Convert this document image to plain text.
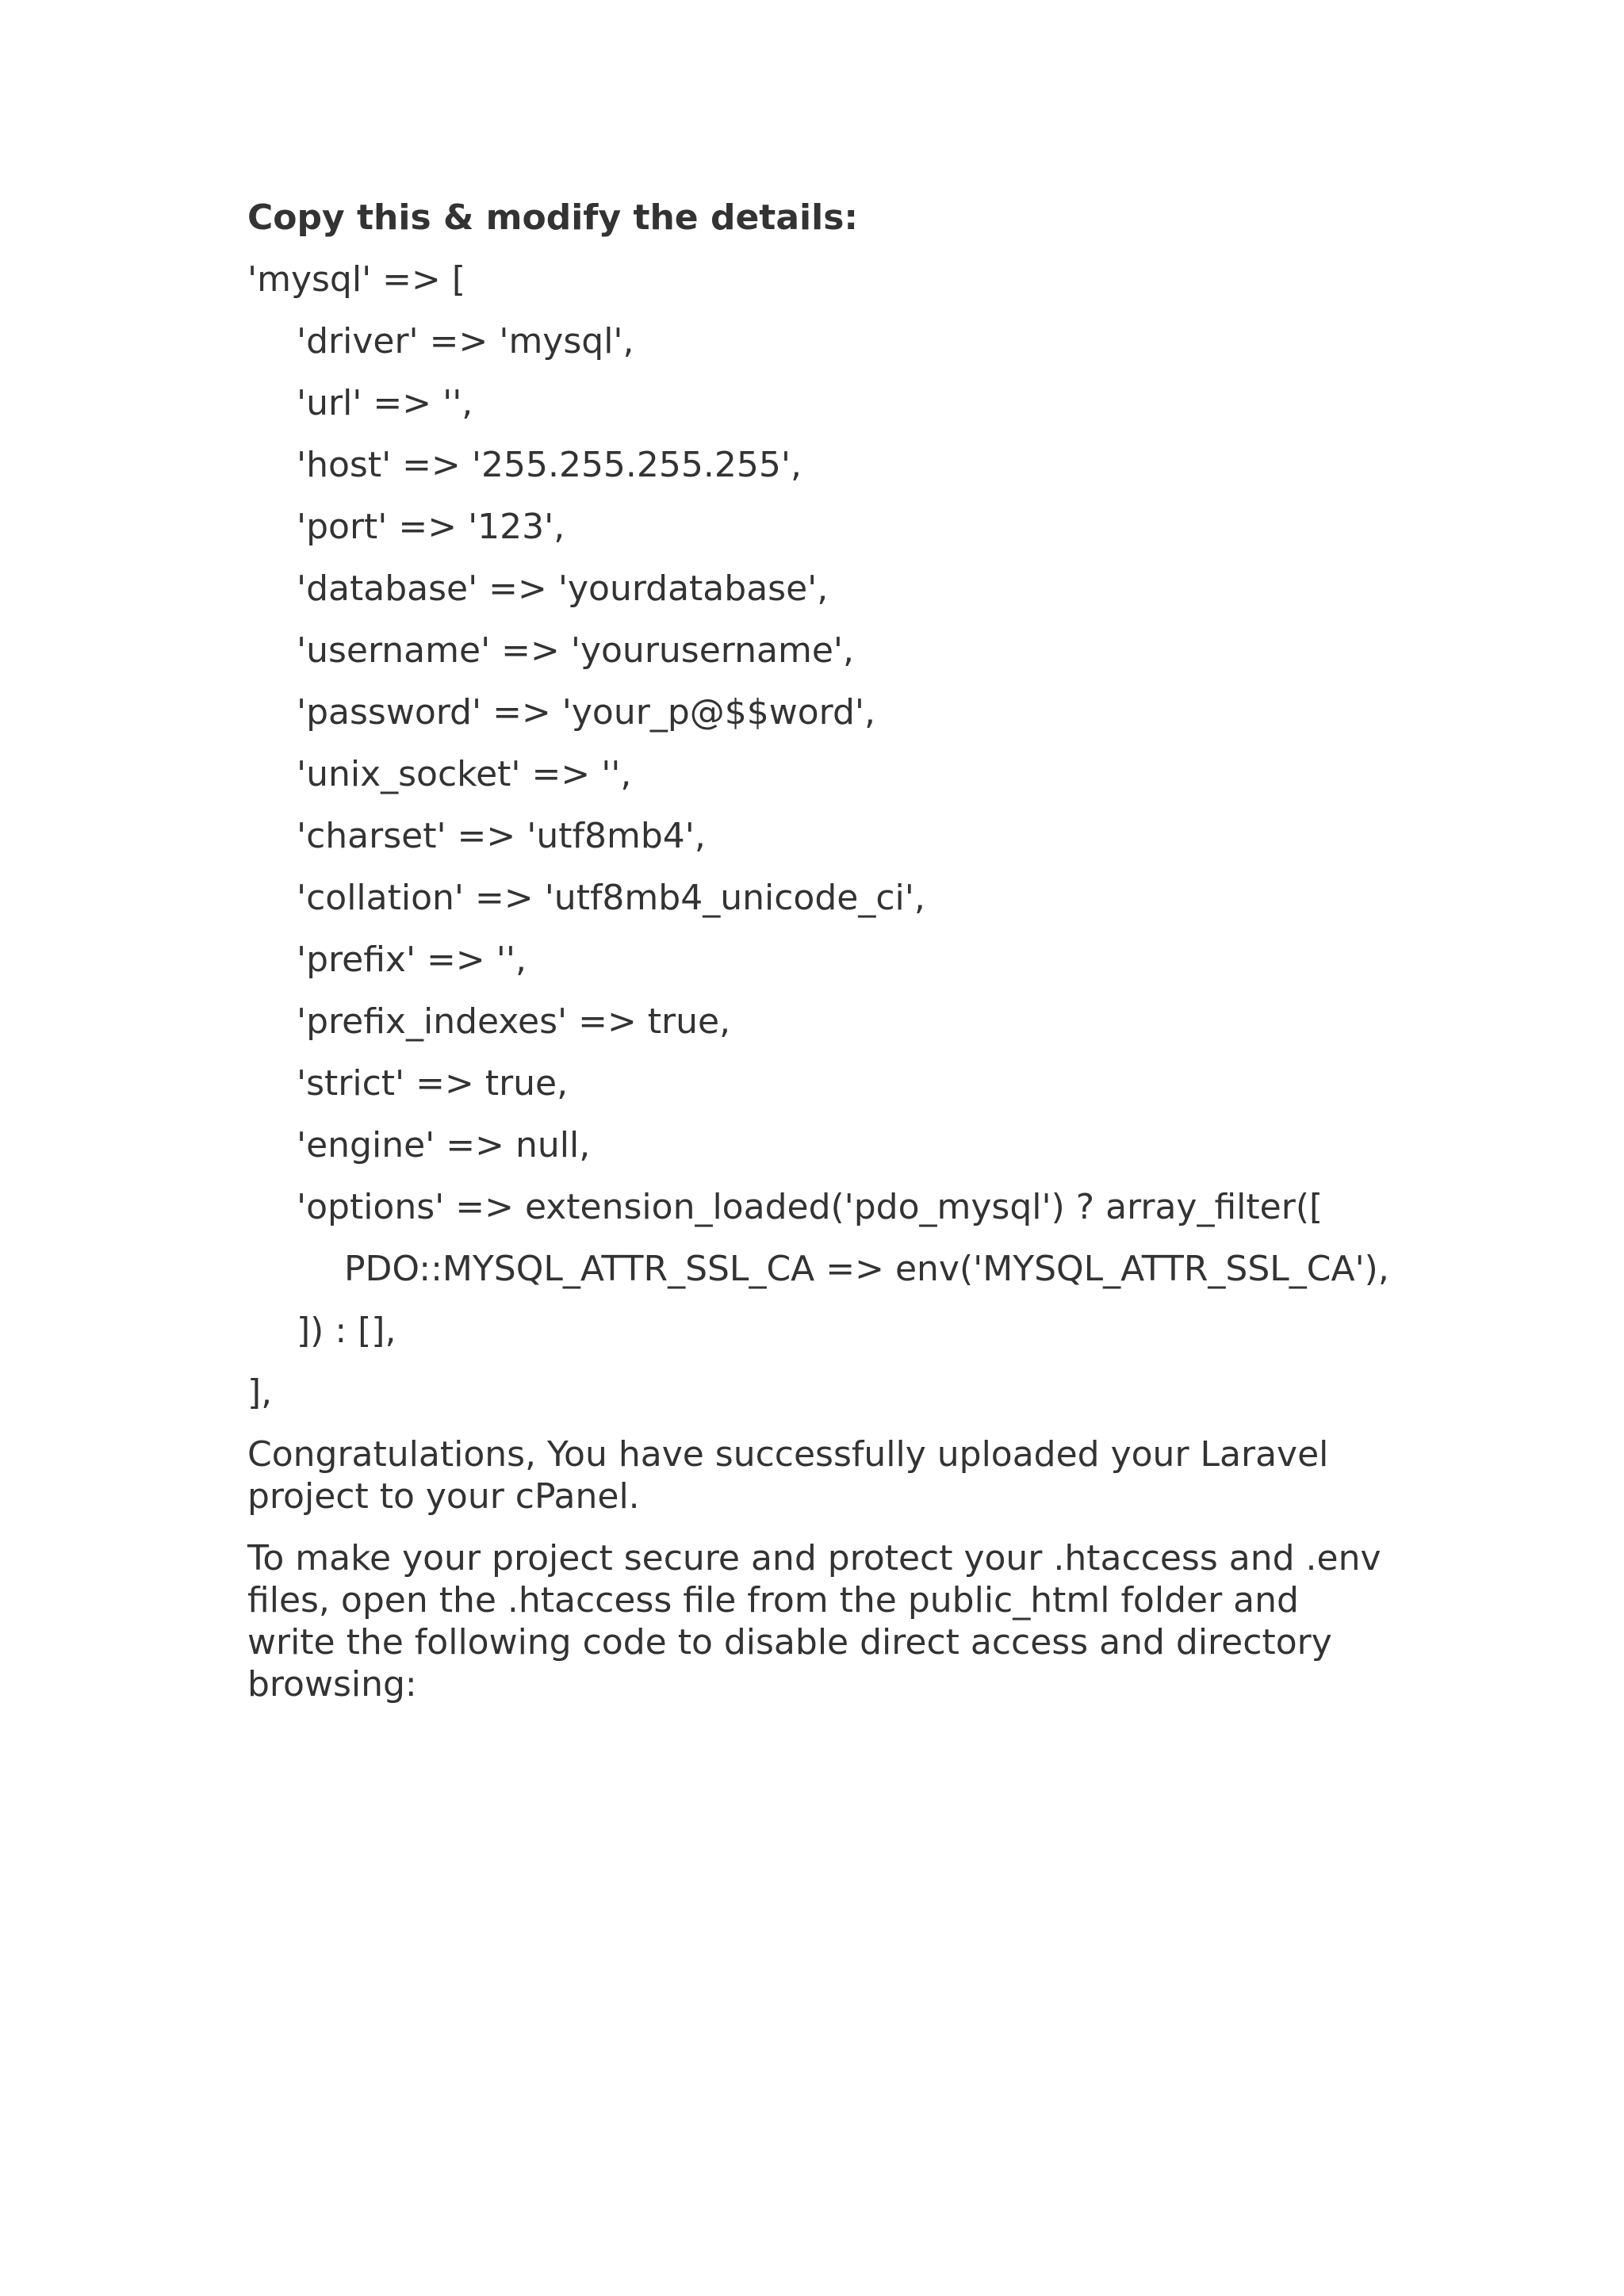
Copy this & modify the details:

'mysql' => [
'driver' => 'mysql',
'url' => '',
'host' => '255.255.255.255',
'port' => '123',
'database' => 'yourdatabase',
'username' => 'yourusername',
'password' => 'your_p@$$word',
'unix_socket' => '',
'charset' => 'utf8mb4',
'collation' => 'utf8mb4_unicode_ci',
'prefix' => '',
'prefix_indexes' => true,
'strict' => true,
'engine' => null,
'options' => extension_loaded('pdo_mysql') ? array_filter([
PDO::MYSQL_ATTR_SSL_CA => env('MYSQL_ATTR_SSL_CA'),
]) : [],
],

Congratulations, You have successfully uploaded your Laravel project to your cPanel.

To make your project secure and protect your .htaccess and .env files, open the .htaccess file from the public_html folder and write the following code to disable direct access and directory browsing:
